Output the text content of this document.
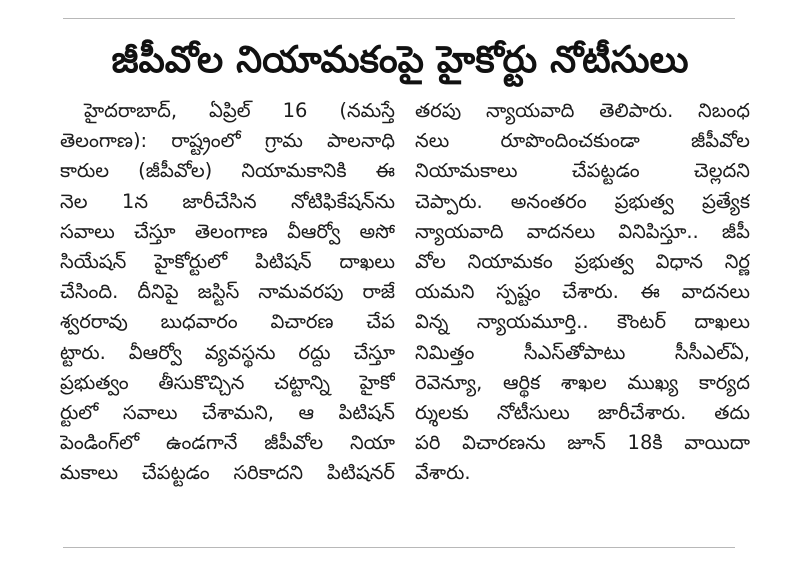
జీపీవోల నియామకంపై హైకోర్టు నోటీసులు
హైదరాబాద్, ఏప్రిల్ 16 (నమస్తే
తెలంగాణ): రాష్ట్రంలో గ్రామ పాలనాధి
కారుల (జీపీవోల) నియామకానికి ఈ
నెల 1న జారీచేసిన నోటిఫికేషన్‌ను
సవాలు చేస్తూ తెలంగాణ వీఆర్వో అసో
సియేషన్ హైకోర్టులో పిటిషన్ దాఖలు
చేసింది. దీనిపై జస్టిస్ నామవరపు రాజే
శ్వరరావు బుధవారం విచారణ చేప
ట్టారు. వీఆర్వో వ్యవస్థను రద్దు చేస్తూ
ప్రభుత్వం తీసుకొచ్చిన చట్టాన్ని హైకో
ర్టులో సవాలు చేశామని, ఆ పిటిషన్
పెండింగ్‌లో ఉండగానే జీపీవోల నియా
మకాలు చేపట్టడం సరికాదని పిటిషనర్
తరపు న్యాయవాది తెలిపారు. నిబంధ
నలు రూపొందించకుండా జీపీవోల
నియామకాలు చేపట్టడం చెల్లదని
చెప్పారు. అనంతరం ప్రభుత్వ ప్రత్యేక
న్యాయవాది వాదనలు వినిపిస్తూ.. జీపీ
వోల నియామకం ప్రభుత్వ విధాన నిర్ణ
యమని స్పష్టం చేశారు. ఈ వాదనలు
విన్న న్యాయమూర్తి.. కౌంటర్ దాఖలు
నిమిత్తం సీఎస్‌తోపాటు సీసీఎల్‌ఏ,
రెవెన్యూ, ఆర్థిక శాఖల ముఖ్య కార్యద
ర్శులకు నోటీసులు జారీచేశారు. తదు
పరి విచారణను జూన్ 18కి వాయిదా
వేశారు.
